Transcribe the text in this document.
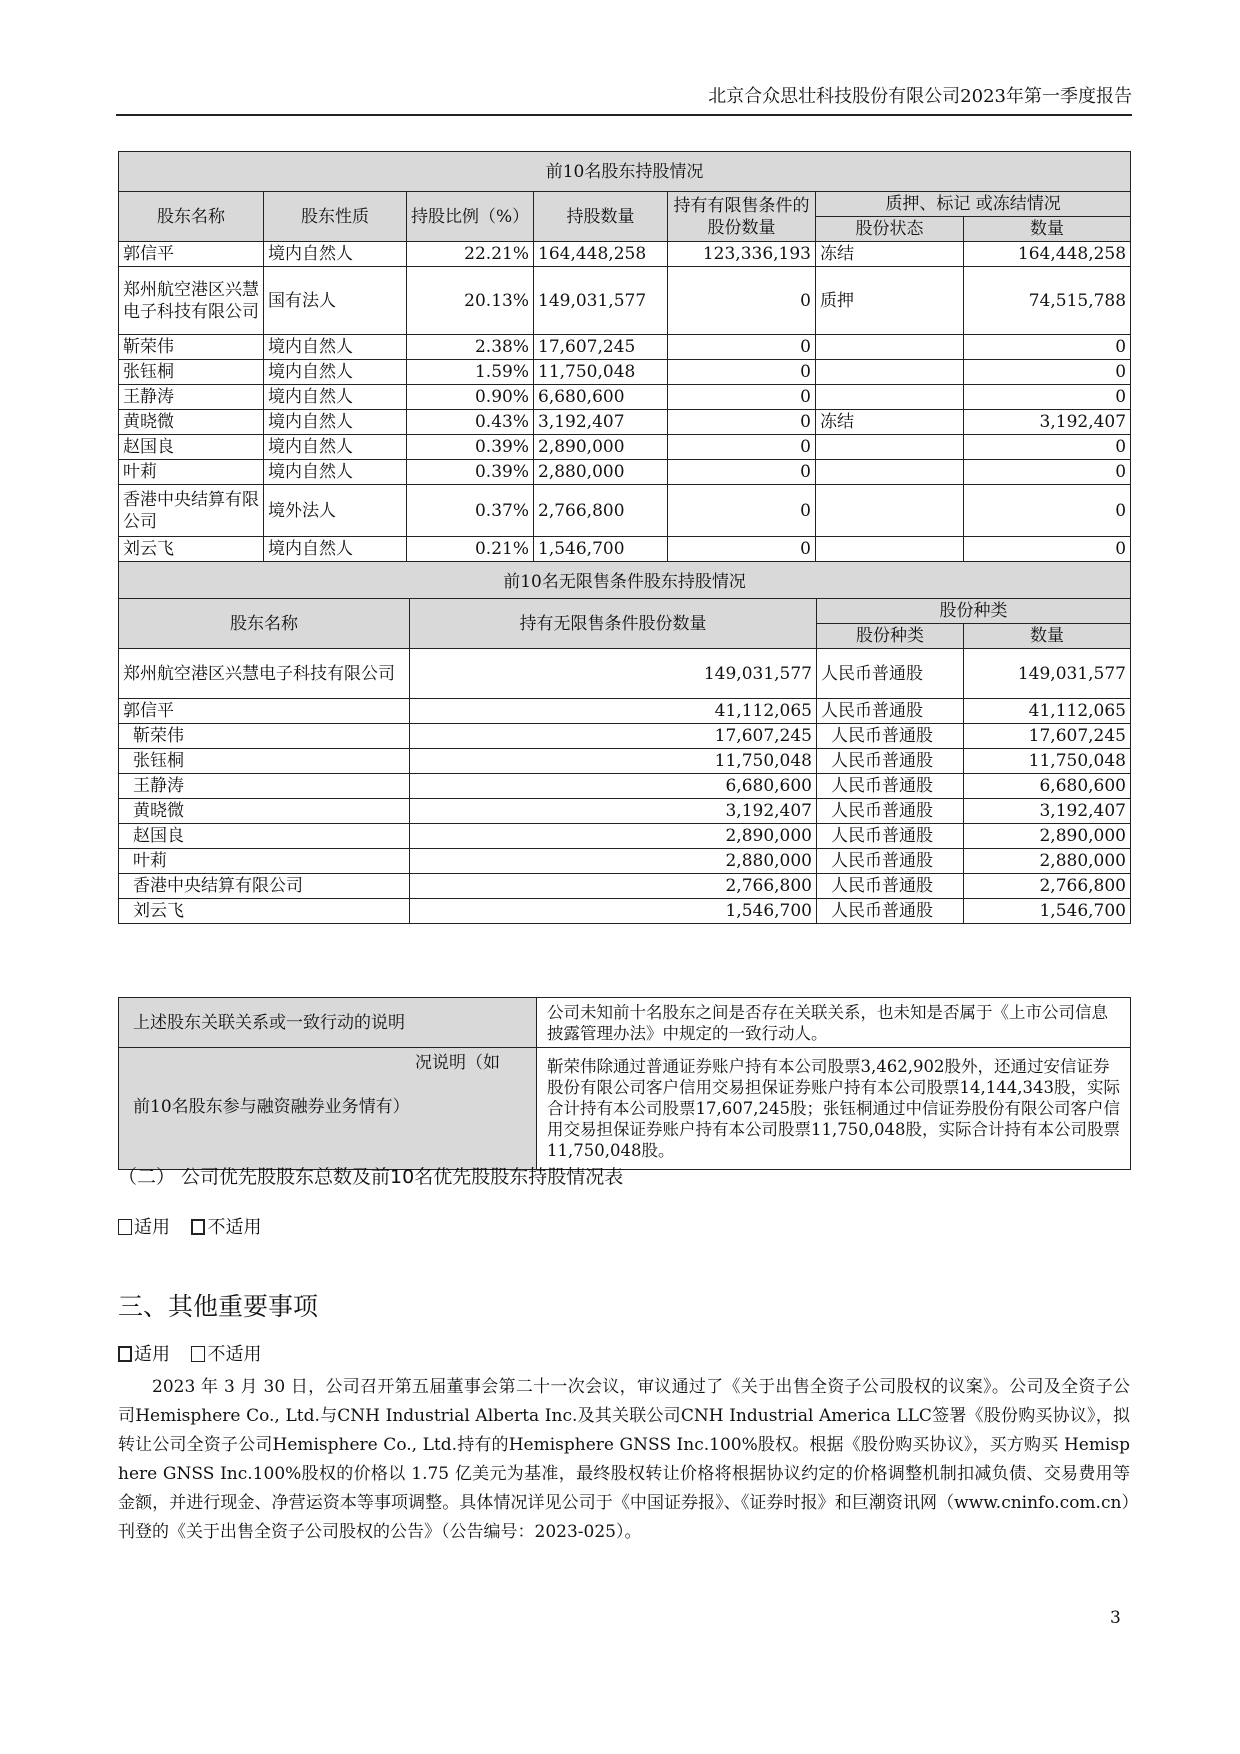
北京合众思壮科技股份有限公司2023年第一季度报告
前10名股东持股情况						
股东名称	股东性质	持股比例（%）	持股数量	持有有限售条件的股份数量	质押、标记 或冻结情况	
					股份状态	数量
郭信平	境内自然人	22.21%	164,448,258	123,336,193	冻结	164,448,258
郑州航空港区兴慧电子科技有限公司	国有法人	20.13%	149,031,577	0	质押	74,515,788
靳荣伟	境内自然人	2.38%	17,607,245	0		0
张钰桐	境内自然人	1.59%	11,750,048	0		0
王静涛	境内自然人	0.90%	6,680,600	0		0
黄晓微	境内自然人	0.43%	3,192,407	0	冻结	3,192,407
赵国良	境内自然人	0.39%	2,890,000	0		0
叶莉	境内自然人	0.39%	2,880,000	0		0
香港中央结算有限公司	境外法人	0.37%	2,766,800	0		0
刘云飞	境内自然人	0.21%	1,546,700	0		0
前10名无限售条件股东持股情况						
股东名称	持有无限售条件股份数量	股份种类	
		股份种类	数量
郑州航空港区兴慧电子科技有限公司	149,031,577	人民币普通股	149,031,577
郭信平	41,112,065	人民币普通股	41,112,065
靳荣伟	17,607,245	人民币普通股	17,607,245
张钰桐	11,750,048	人民币普通股	11,750,048
王静涛	6,680,600	人民币普通股	6,680,600
黄晓微	3,192,407	人民币普通股	3,192,407
赵国良	2,890,000	人民币普通股	2,890,000
叶莉	2,880,000	人民币普通股	2,880,000
香港中央结算有限公司	2,766,800	人民币普通股	2,766,800
刘云飞	1,546,700	人民币普通股	1,546,700
上述股东关联关系或一致行动的说明	公司未知前十名股东之间是否存在关联关系，也未知是否属于《上市公司信息披露管理办法》中规定的一致行动人。

况说明（如
前10名股东参与融资融券业务情有）	靳荣伟除通过普通证券账户持有本公司股票3,462,902股外，还通过安信证券股份有限公司客户信用交易担保证券账户持有本公司股票14,144,343股，实际合计持有本公司股票17,607,245股；张钰桐通过中信证券股份有限公司客户信用交易担保证券账户持有本公司股票11,750,048股，实际合计持有本公司股票11,750,048股。
（二） 公司优先股股东总数及前10名优先股股东持股情况表
适用 不适用
三、其他重要事项
适用 不适用
2023 年 3 月 30 日，公司召开第五届董事会第二十一次会议，审议通过了《关于出售全资子公司股权的议案》。公司及全资子公司Hemisphere Co., Ltd.与CNH Industrial Alberta Inc.及其关联公司CNH Industrial America LLC签署《股份购买协议》，拟转让公司全资子公司Hemisphere Co., Ltd.持有的Hemisphere GNSS Inc.100%股权。根据《股份购买协议》，买方购买 Hemisphere GNSS Inc.100%股权的价格以 1.75 亿美元为基准，最终股权转让价格将根据协议约定的价格调整机制扣减负债、交易费用等金额，并进行现金、净营运资本等事项调整。具体情况详见公司于《中国证券报》、《证券时报》和巨潮资讯网（www.cninfo.com.cn）刊登的《关于出售全资子公司股权的公告》（公告编号：2023-025）。
3
